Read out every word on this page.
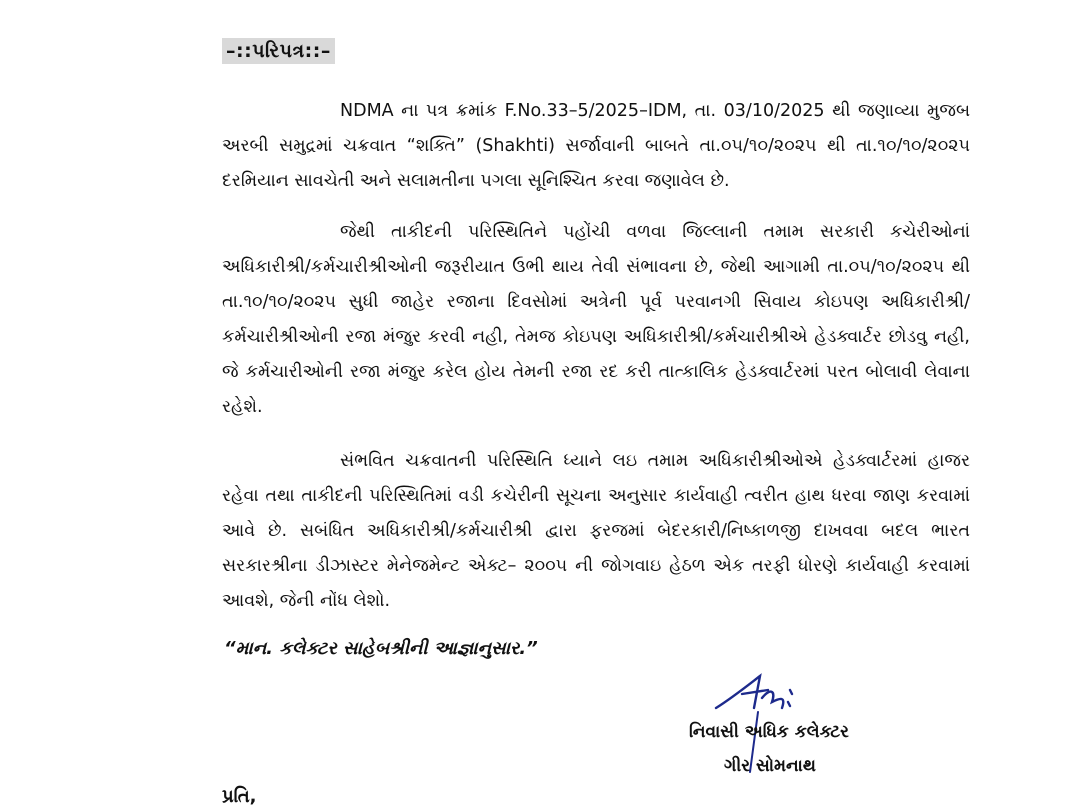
–::પરિપત્ર::–

NDMA ના પત્ર ક્રમાંક F.No.33–5/2025–IDM, તા. 03/10/2025 થી જણાવ્યા મુજબ અરબી સમુદ્રમાં ચક્રવાત “શક્તિ” (Shakhti) સર્જાવાની બાબતે તા.૦૫/૧૦/૨૦૨૫ થી તા.૧૦/૧૦/૨૦૨૫ દરમિયાન સાવચેતી અને સલામતીના પગલા સૂનિશ્ચિત કરવા જણાવેલ છે.

જેથી તાકીદની પરિસ્થિતિને પહોંચી વળવા જિલ્લાની તમામ સરકારી કચેરીઓનાં અધિકારીશ્રી/કર્મચારીશ્રીઓની જરૂરીયાત ઉભી થાય તેવી સંભાવના છે, જેથી આગામી તા.૦૫/૧૦/૨૦૨૫ થી તા.૧૦/૧૦/૨૦૨૫ સુધી જાહેર રજાના દિવસોમાં અત્રેની પૂર્વ પરવાનગી સિવાય કોઇપણ અધિકારીશ્રી/કર્મચારીશ્રીઓની રજા મંજુર કરવી નહી, તેમજ કોઇપણ અધિકારીશ્રી/કર્મચારીશ્રીએ હેડક્વાર્ટર છોડવુ નહી, જે કર્મચારીઓની રજા મંજુર કરેલ હોય તેમની રજા રદ કરી તાત્કાલિક હેડક્વાર્ટરમાં પરત બોલાવી લેવાના રહેશે.

સંભવિત ચક્રવાતની પરિસ્થિતિ ધ્યાને લઇ તમામ અધિકારીશ્રીઓએ હેડક્વાર્ટરમાં હાજર રહેવા તથા તાકીદની પરિસ્થિતિમાં વડી કચેરીની સૂચના અનુસાર કાર્યવાહી ત્વરીત હાથ ધરવા જાણ કરવામાં આવે છે. સબંધિત અધિકારીશ્રી/કર્મચારીશ્રી દ્વારા ફરજમાં બેદરકારી/નિષ્કાળજી દાખવવા બદલ ભારત સરકારશ્રીના ડીઝાસ્ટર મેનેજમેન્ટ એક્ટ– ૨૦૦૫ ની જોગવાઇ હેઠળ એક તરફી ધોરણે કાર્યવાહી કરવામાં આવશે, જેની નોંધ લેશો.

“માન. કલેક્ટર સાહેબશ્રીની આજ્ઞાનુસાર.”
નિવાસી અધિક કલેક્ટર
ગીર સોમનાથ
પ્રતિ,
